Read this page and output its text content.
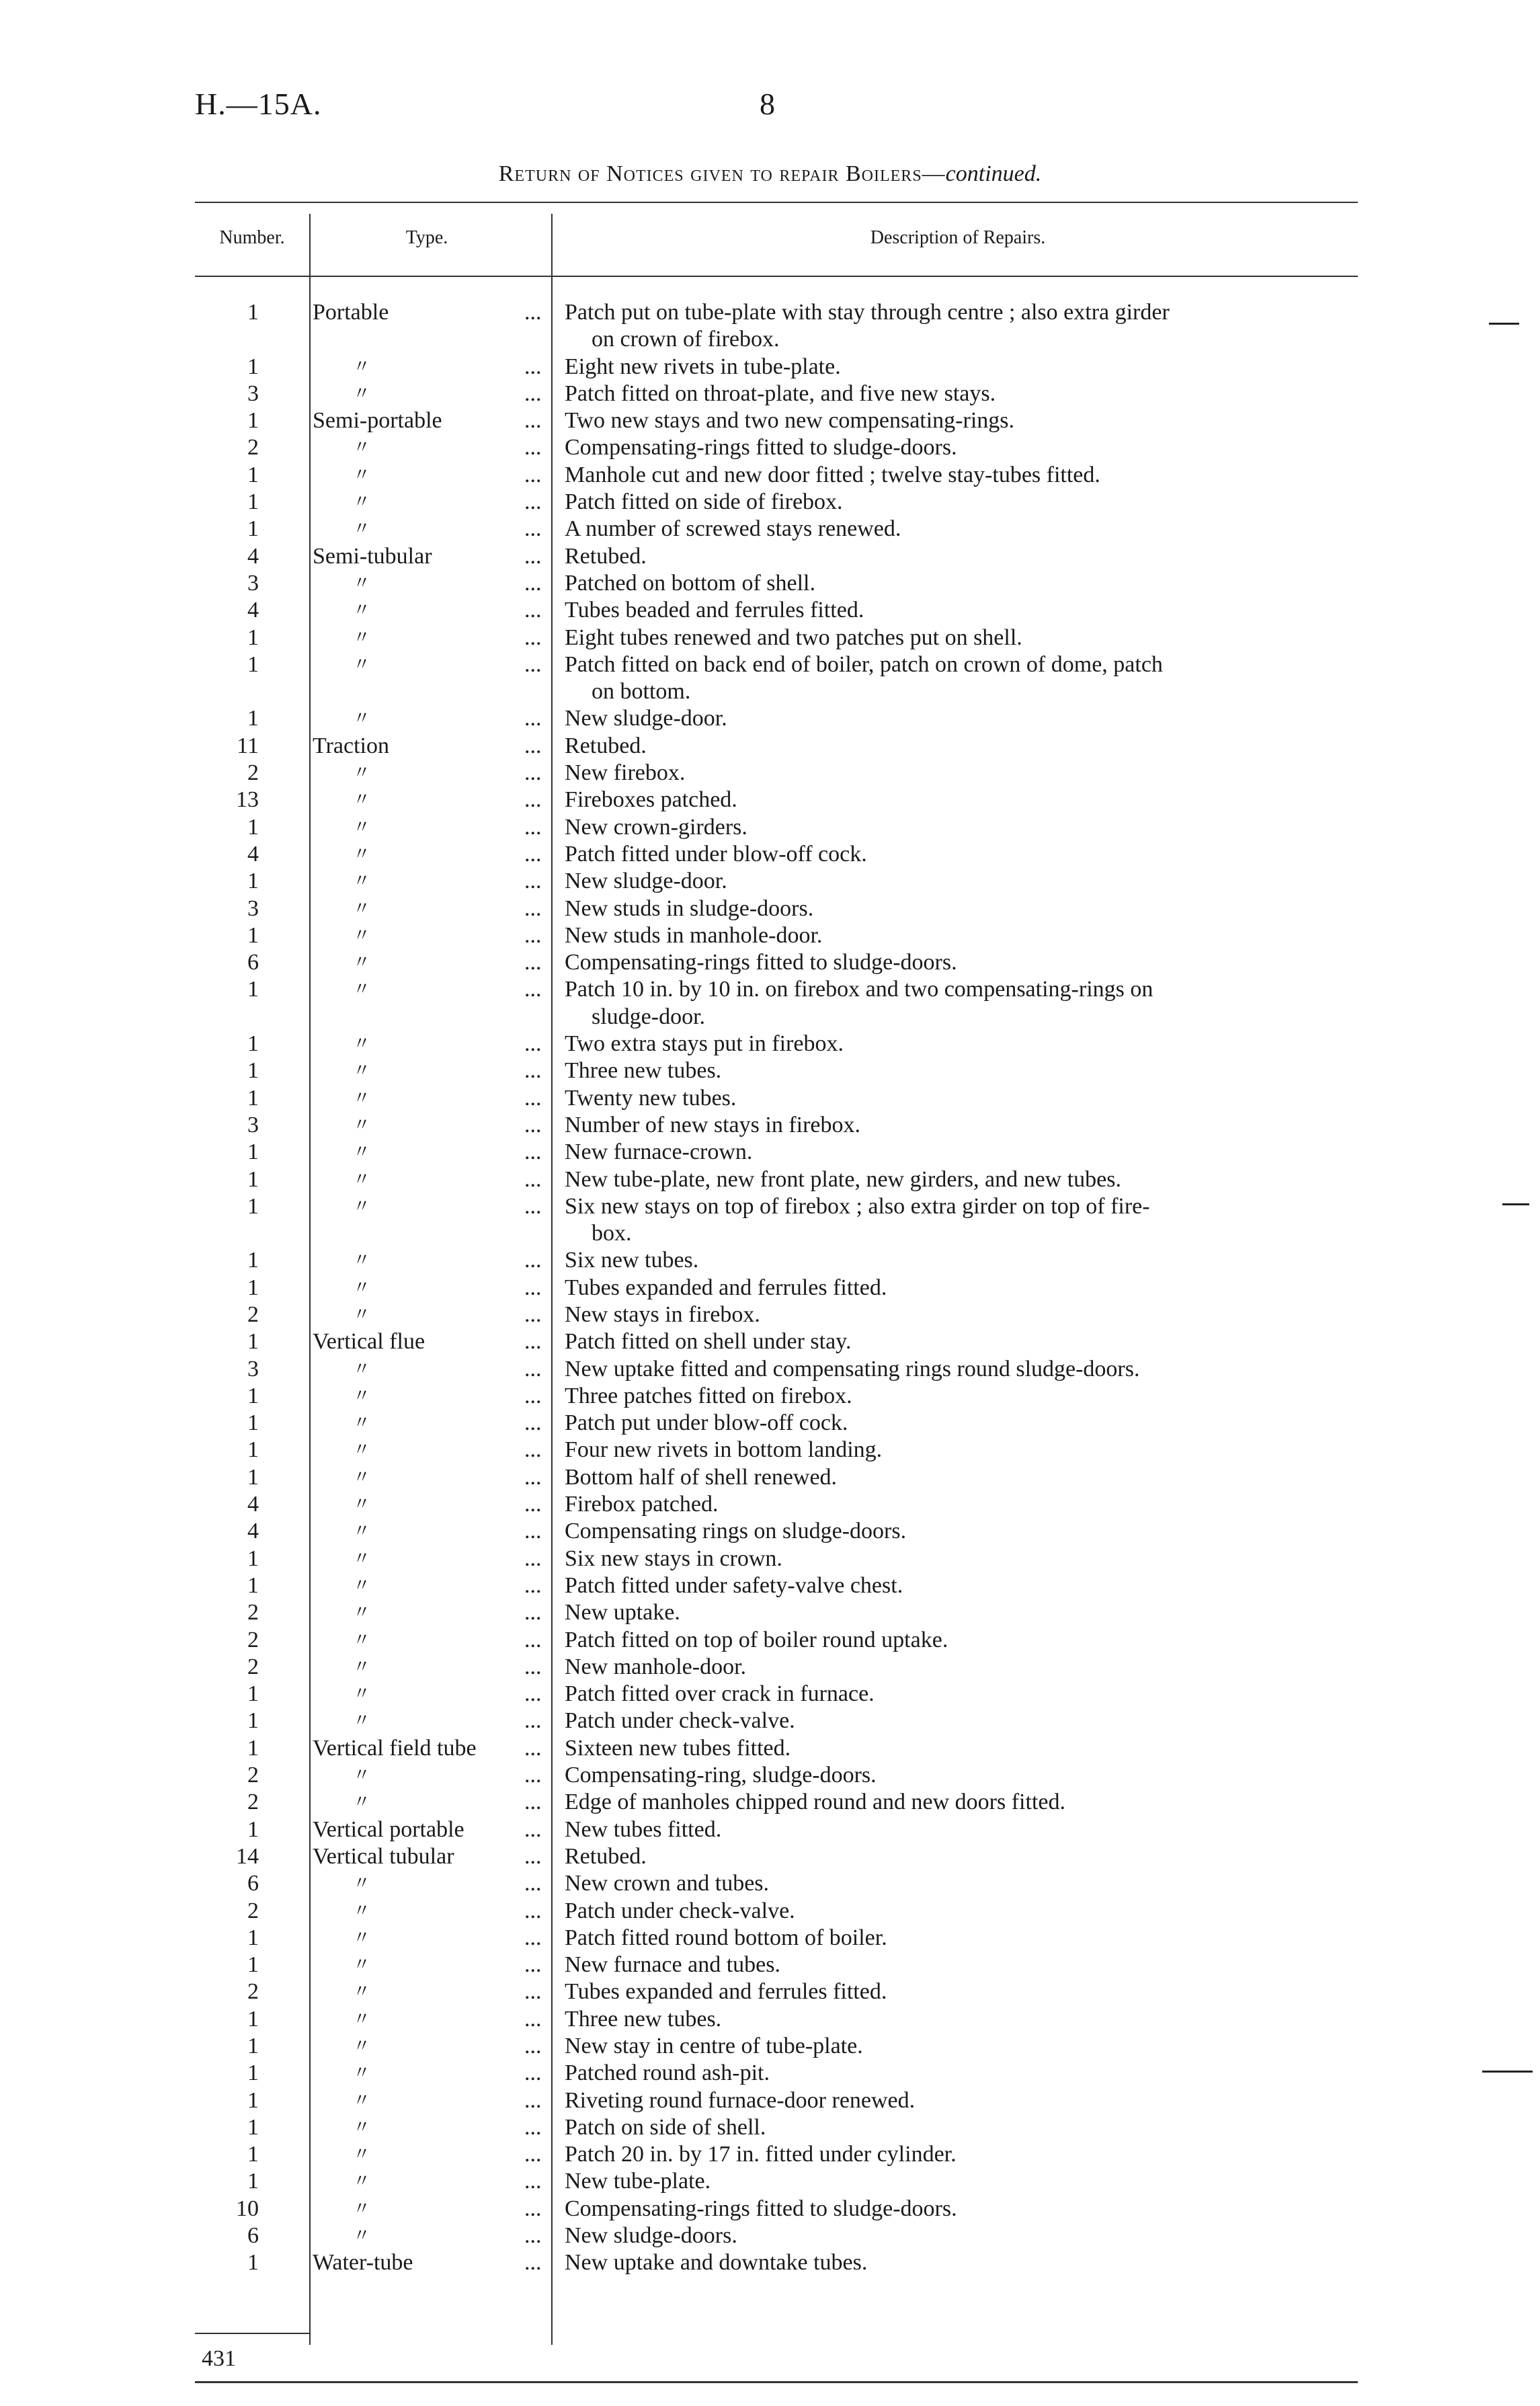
H.—15A.	8
Return of Notices given to repair Boilers—continued.
Number.	Type.	Description of Repairs.
1	Portable	...	Patch put on tube-plate with stay through centre ; also extra girder
on crown of firebox.
1	〃	...	Eight new rivets in tube-plate.
3	〃	...	Patch fitted on throat-plate, and five new stays.
1	Semi-portable	...	Two new stays and two new compensating-rings.
2	〃	...	Compensating-rings fitted to sludge-doors.
1	〃	...	Manhole cut and new door fitted ; twelve stay-tubes fitted.
1	〃	...	Patch fitted on side of firebox.
1	〃	...	A number of screwed stays renewed.
4	Semi-tubular	...	Retubed.
3	〃	...	Patched on bottom of shell.
4	〃	...	Tubes beaded and ferrules fitted.
1	〃	...	Eight tubes renewed and two patches put on shell.
1	〃	...	Patch fitted on back end of boiler, patch on crown of dome, patch
on bottom.
1	〃	...	New sludge-door.
11	Traction	...	Retubed.
2	〃	...	New firebox.
13	〃	...	Fireboxes patched.
1	〃	...	New crown-girders.
4	〃	...	Patch fitted under blow-off cock.
1	〃	...	New sludge-door.
3	〃	...	New studs in sludge-doors.
1	〃	...	New studs in manhole-door.
6	〃	...	Compensating-rings fitted to sludge-doors.
1	〃	...	Patch 10 in. by 10 in. on firebox and two compensating-rings on
sludge-door.
1	〃	...	Two extra stays put in firebox.
1	〃	...	Three new tubes.
1	〃	...	Twenty new tubes.
3	〃	...	Number of new stays in firebox.
1	〃	...	New furnace-crown.
1	〃	...	New tube-plate, new front plate, new girders, and new tubes.
1	〃	...	Six new stays on top of firebox ; also extra girder on top of fire-
box.
1	〃	...	Six new tubes.
1	〃	...	Tubes expanded and ferrules fitted.
2	〃	...	New stays in firebox.
1	Vertical flue	...	Patch fitted on shell under stay.
3	〃	...	New uptake fitted and compensating rings round sludge-doors.
1	〃	...	Three patches fitted on firebox.
1	〃	...	Patch put under blow-off cock.
1	〃	...	Four new rivets in bottom landing.
1	〃	...	Bottom half of shell renewed.
4	〃	...	Firebox patched.
4	〃	...	Compensating rings on sludge-doors.
1	〃	...	Six new stays in crown.
1	〃	...	Patch fitted under safety-valve chest.
2	〃	...	New uptake.
2	〃	...	Patch fitted on top of boiler round uptake.
2	〃	...	New manhole-door.
1	〃	...	Patch fitted over crack in furnace.
1	〃	...	Patch under check-valve.
1	Vertical field tube	...	Sixteen new tubes fitted.
2	〃	...	Compensating-ring, sludge-doors.
2	〃	...	Edge of manholes chipped round and new doors fitted.
1	Vertical portable	...	New tubes fitted.
14	Vertical tubular	...	Retubed.
6	〃	...	New crown and tubes.
2	〃	...	Patch under check-valve.
1	〃	...	Patch fitted round bottom of boiler.
1	〃	...	New furnace and tubes.
2	〃	...	Tubes expanded and ferrules fitted.
1	〃	...	Three new tubes.
1	〃	...	New stay in centre of tube-plate.
1	〃	...	Patched round ash-pit.
1	〃	...	Riveting round furnace-door renewed.
1	〃	...	Patch on side of shell.
1	〃	...	Patch 20 in. by 17 in. fitted under cylinder.
1	〃	...	New tube-plate.
10	〃	...	Compensating-rings fitted to sludge-doors.
6	〃	...	New sludge-doors.
1	Water-tube	...	New uptake and downtake tubes.
431
